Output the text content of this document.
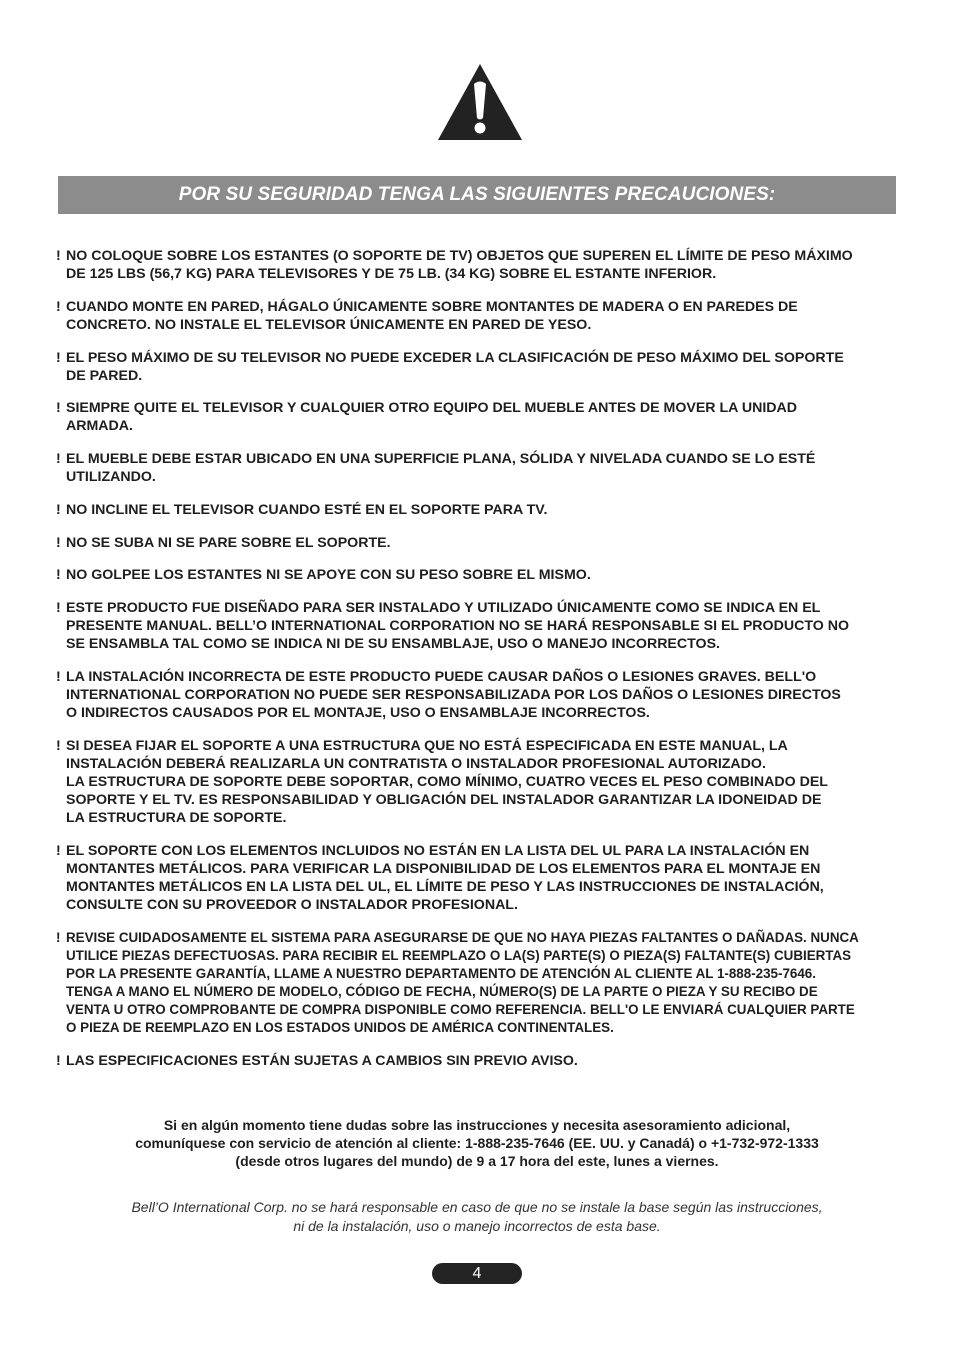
POR SU SEGURIDAD TENGA LAS SIGUIENTES PRECAUCIONES:
! NO COLOQUE SOBRE LOS ESTANTES (O SOPORTE DE TV) OBJETOS QUE SUPEREN EL LÍMITE DE PESO MÁXIMO
DE 125 LBS (56,7 KG) PARA TELEVISORES Y DE 75 LB. (34 KG) SOBRE EL ESTANTE INFERIOR.
! CUANDO MONTE EN PARED, HÁGALO ÚNICAMENTE SOBRE MONTANTES DE MADERA O EN PAREDES DE
CONCRETO. NO INSTALE EL TELEVISOR ÚNICAMENTE EN PARED DE YESO.
! EL PESO MÁXIMO DE SU TELEVISOR NO PUEDE EXCEDER LA CLASIFICACIÓN DE PESO MÁXIMO DEL SOPORTE
DE PARED.
! SIEMPRE QUITE EL TELEVISOR Y CUALQUIER OTRO EQUIPO DEL MUEBLE ANTES DE MOVER LA UNIDAD
ARMADA.
! EL MUEBLE DEBE ESTAR UBICADO EN UNA SUPERFICIE PLANA, SÓLIDA Y NIVELADA CUANDO SE LO ESTÉ
UTILIZANDO.
! NO INCLINE EL TELEVISOR CUANDO ESTÉ EN EL SOPORTE PARA TV.
! NO SE SUBA NI SE PARE SOBRE EL SOPORTE.
! NO GOLPEE LOS ESTANTES NI SE APOYE CON SU PESO SOBRE EL MISMO.
! ESTE PRODUCTO FUE DISEÑADO PARA SER INSTALADO Y UTILIZADO ÚNICAMENTE COMO SE INDICA EN EL
PRESENTE MANUAL. BELL’O INTERNATIONAL CORPORATION NO SE HARÁ RESPONSABLE SI EL PRODUCTO NO
SE ENSAMBLA TAL COMO SE INDICA NI DE SU ENSAMBLAJE, USO O MANEJO INCORRECTOS.
! LA INSTALACIÓN INCORRECTA DE ESTE PRODUCTO PUEDE CAUSAR DAÑOS O LESIONES GRAVES. BELL'O
INTERNATIONAL CORPORATION NO PUEDE SER RESPONSABILIZADA POR LOS DAÑOS O LESIONES DIRECTOS
O INDIRECTOS CAUSADOS POR EL MONTAJE, USO O ENSAMBLAJE INCORRECTOS.
! SI DESEA FIJAR EL SOPORTE A UNA ESTRUCTURA QUE NO ESTÁ ESPECIFICADA EN ESTE MANUAL, LA
INSTALACIÓN DEBERÁ REALIZARLA UN CONTRATISTA O INSTALADOR PROFESIONAL AUTORIZADO.
LA ESTRUCTURA DE SOPORTE DEBE SOPORTAR, COMO MÍNIMO, CUATRO VECES EL PESO COMBINADO DEL
SOPORTE Y EL TV. ES RESPONSABILIDAD Y OBLIGACIÓN DEL INSTALADOR GARANTIZAR LA IDONEIDAD DE
LA ESTRUCTURA DE SOPORTE.
! EL SOPORTE CON LOS ELEMENTOS INCLUIDOS NO ESTÁN EN LA LISTA DEL UL PARA LA INSTALACIÓN EN
MONTANTES METÁLICOS. PARA VERIFICAR LA DISPONIBILIDAD DE LOS ELEMENTOS PARA EL MONTAJE EN
MONTANTES METÁLICOS EN LA LISTA DEL UL, EL LÍMITE DE PESO Y LAS INSTRUCCIONES DE INSTALACIÓN,
CONSULTE CON SU PROVEEDOR O INSTALADOR PROFESIONAL.
! REVISE CUIDADOSAMENTE EL SISTEMA PARA ASEGURARSE DE QUE NO HAYA PIEZAS FALTANTES O DAÑADAS. NUNCA
UTILICE PIEZAS DEFECTUOSAS. PARA RECIBIR EL REEMPLAZO O LA(S) PARTE(S) O PIEZA(S) FALTANTE(S) CUBIERTAS
POR LA PRESENTE GARANTÍA, LLAME A NUESTRO DEPARTAMENTO DE ATENCIÓN AL CLIENTE AL 1-888-235-7646.
TENGA A MANO EL NÚMERO DE MODELO, CÓDIGO DE FECHA, NÚMERO(S) DE LA PARTE O PIEZA Y SU RECIBO DE
VENTA U OTRO COMPROBANTE DE COMPRA DISPONIBLE COMO REFERENCIA. BELL'O LE ENVIARÁ CUALQUIER PARTE
O PIEZA DE REEMPLAZO EN LOS ESTADOS UNIDOS DE AMÉRICA CONTINENTALES.
! LAS ESPECIFICACIONES ESTÁN SUJETAS A CAMBIOS SIN PREVIO AVISO.
Si en algún momento tiene dudas sobre las instrucciones y necesita asesoramiento adicional,
comuníquese con servicio de atención al cliente: 1-888-235-7646 (EE. UU. y Canadá) o +1-732-972-1333
(desde otros lugares del mundo) de 9 a 17 hora del este, lunes a viernes.
Bell’O International Corp. no se hará responsable en caso de que no se instale la base según las instrucciones,
ni de la instalación, uso o manejo incorrectos de esta base.
4
